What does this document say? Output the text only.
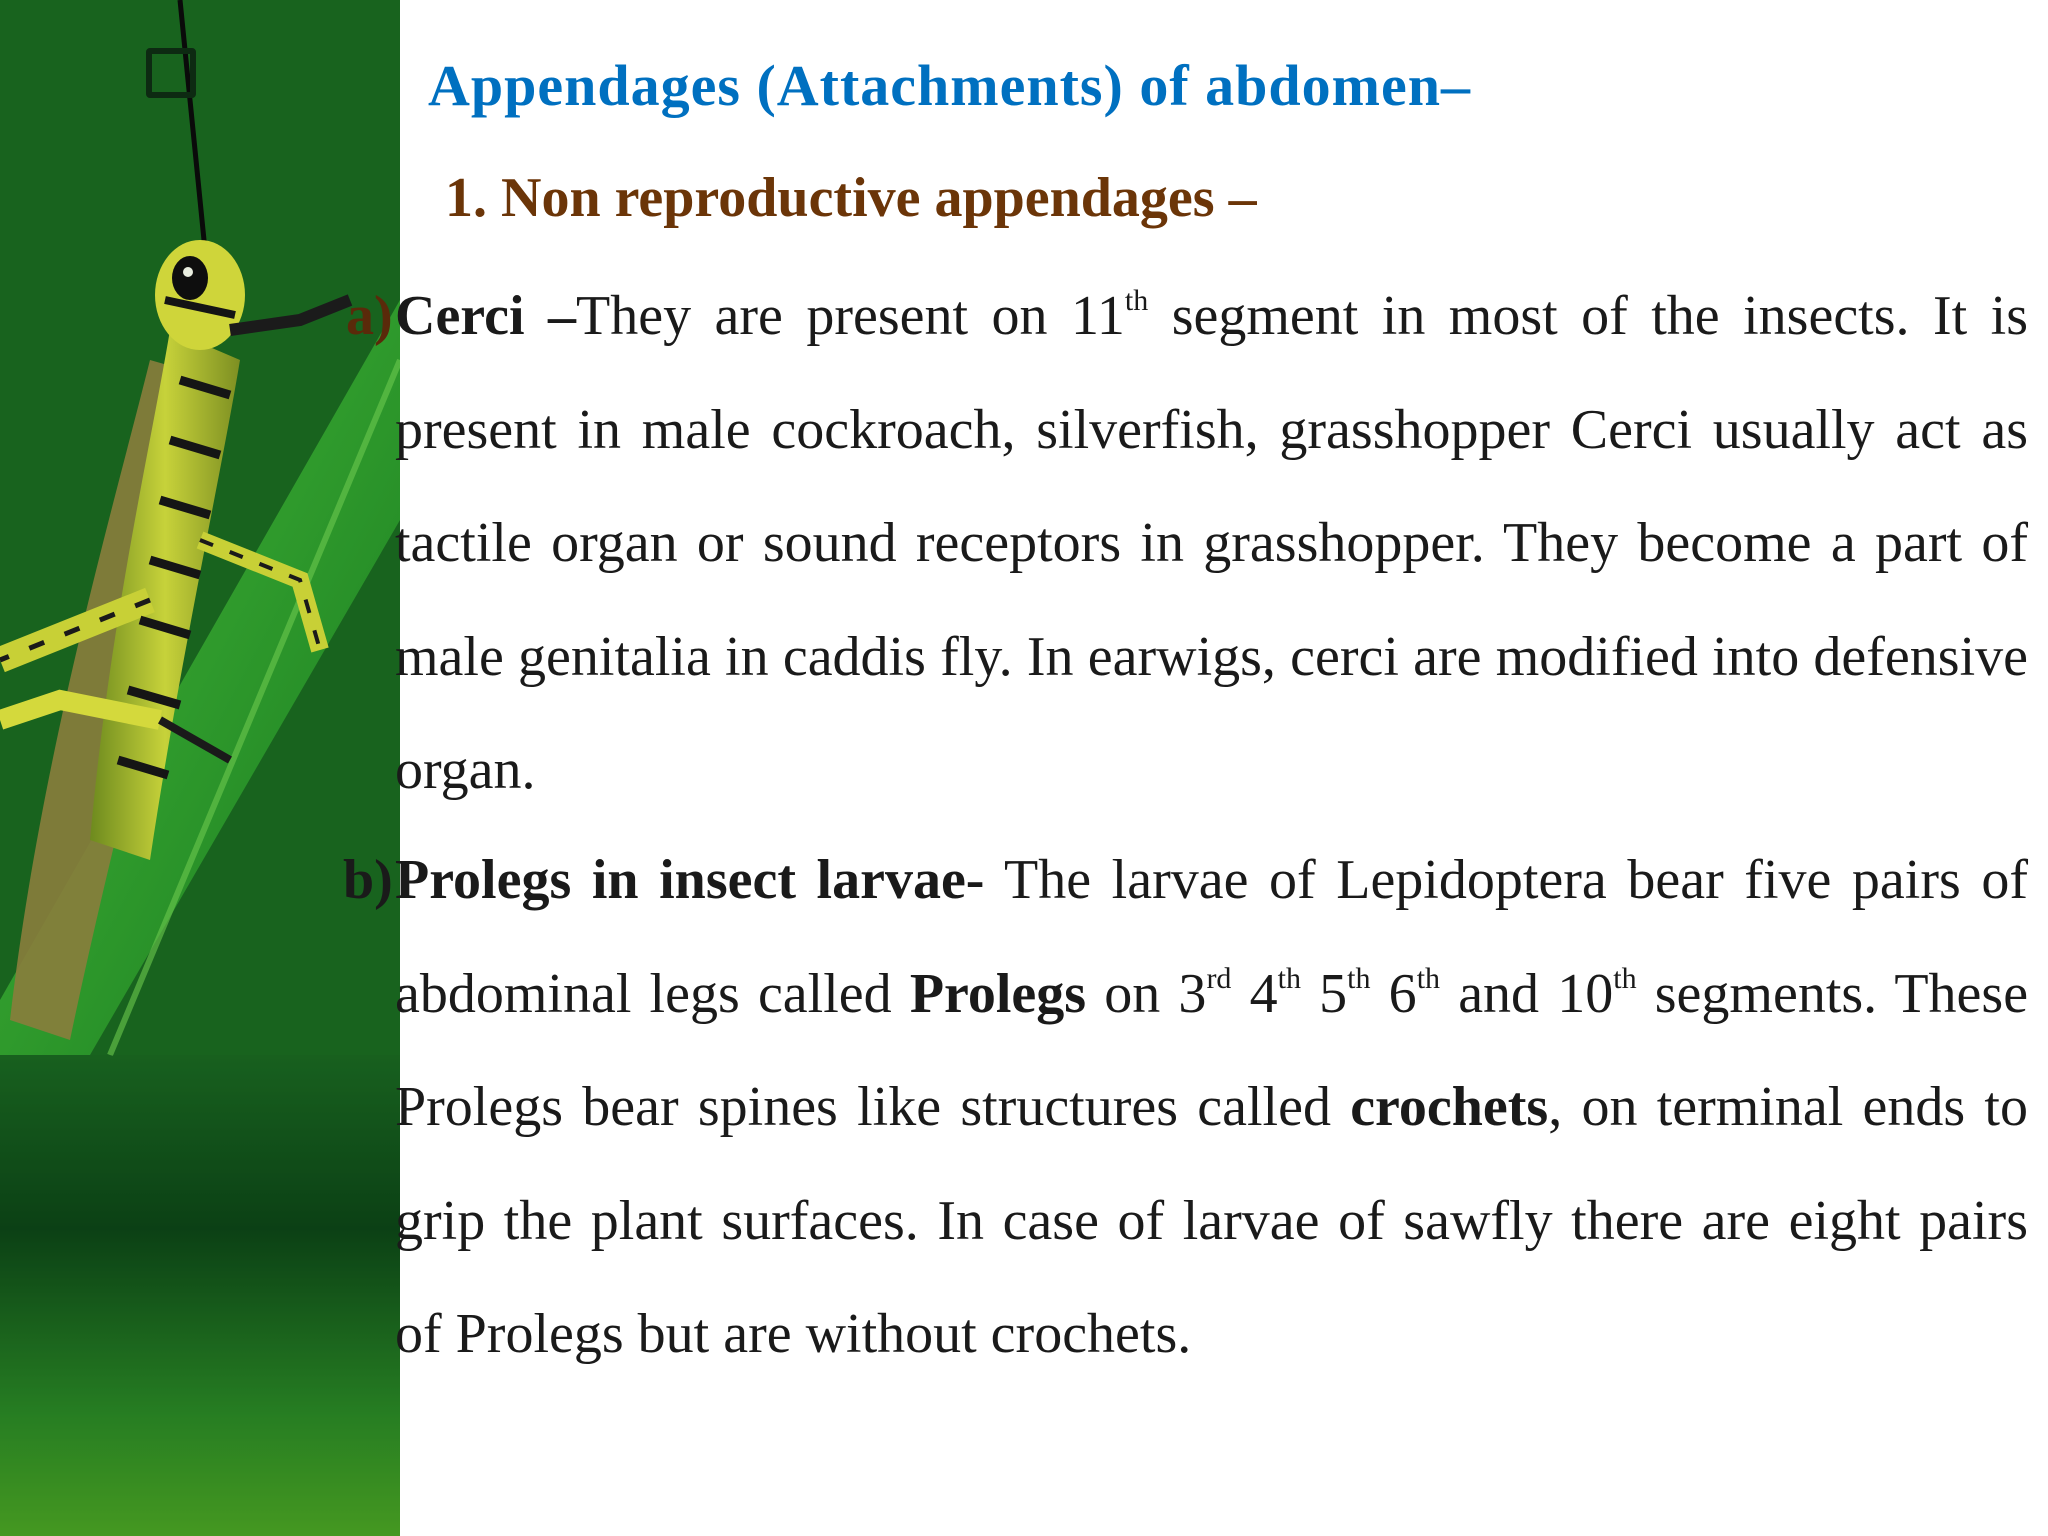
Appendages (Attachments) of abdomen–
1. Non reproductive appendages –

a) Cerci –They are present on 11th segment in most of the insects. It is present in male cockroach, silverfish, grasshopper Cerci usually act as tactile organ or sound receptors in grasshopper. They become a part of male genitalia in caddis fly. In earwigs, cerci are modified into defensive organ.

b) Prolegs in insect larvae- The larvae of Lepidoptera bear five pairs of abdominal legs called Prolegs on 3rd 4th 5th 6th and 10th segments. These Prolegs bear spines like structures called crochets, on terminal ends to grip the plant surfaces. In case of larvae of sawfly there are eight pairs of Prolegs but are without crochets.
